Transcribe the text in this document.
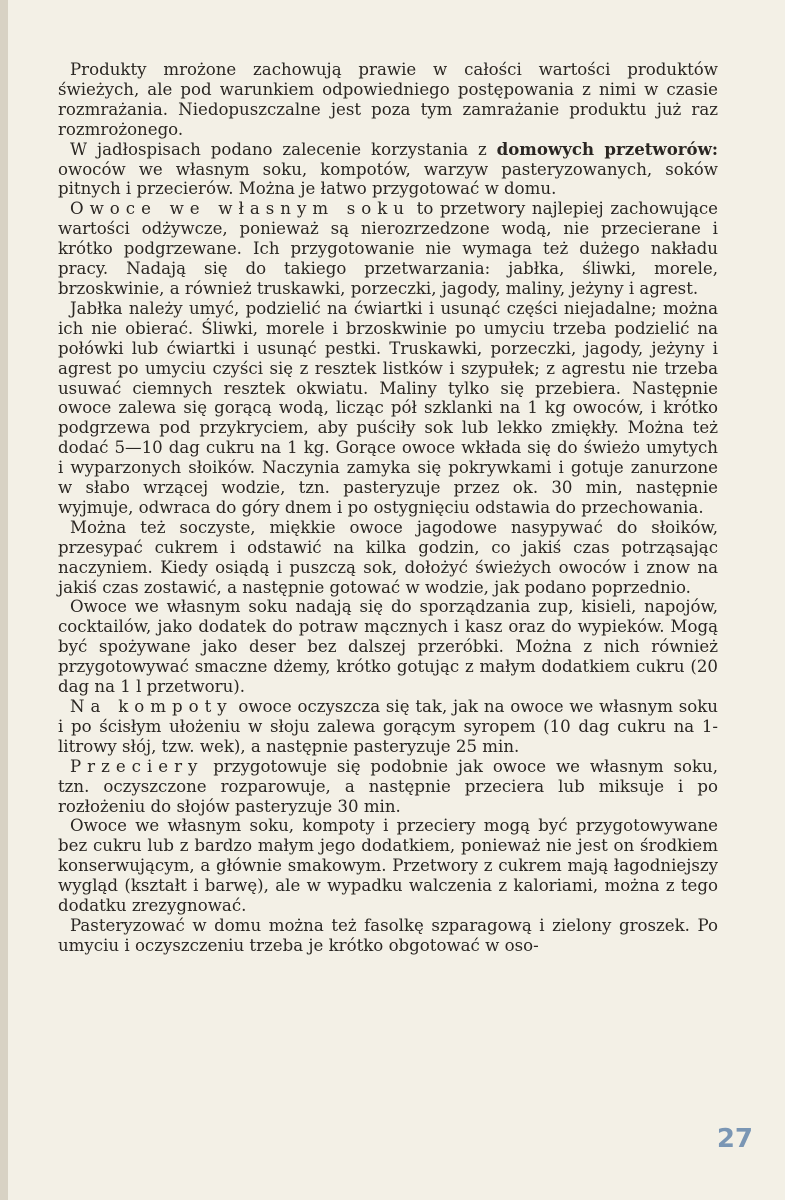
Produkty mrożone zachowują prawie w całości wartości produktów świeżych, ale pod warunkiem odpowiedniego postępowania z nimi w czasie rozmrażania. Niedopuszczalne jest poza tym zamrażanie produktu już raz rozmrożonego.

W jadłospisach podano zalecenie korzystania z domowych przetworów: owoców we własnym soku, kompotów, warzyw pasteryzowanych, soków pitnych i przecierów. Można je łatwo przygotować w domu.

Owoce we własnym soku to przetwory najlepiej zachowujące wartości odżywcze, ponieważ są nierozrzedzone wodą, nie przecierane i krótko podgrzewane. Ich przygotowanie nie wymaga też dużego nakładu pracy. Nadają się do takiego przetwarzania: jabłka, śliwki, morele, brzoskwinie, a również truskawki, porzeczki, jagody, maliny, jeżyny i agrest.

Jabłka należy umyć, podzielić na ćwiartki i usunąć części niejadalne; można ich nie obierać. Śliwki, morele i brzoskwinie po umyciu trzeba podzielić na połówki lub ćwiartki i usunąć pestki. Truskawki, porzeczki, jagody, jeżyny i agrest po umyciu czyści się z resztek listków i szypułek; z agrestu nie trzeba usuwać ciemnych resztek okwiatu. Maliny tylko się przebiera. Następnie owoce zalewa się gorącą wodą, licząc pół szklanki na 1 kg owoców, i krótko podgrzewa pod przykryciem, aby puściły sok lub lekko zmiękły. Można też dodać 5—10 dag cukru na 1 kg. Gorące owoce wkłada się do świeżo umytych i wyparzonych słoików. Naczynia zamyka się pokrywkami i gotuje zanurzone w słabo wrzącej wodzie, tzn. pasteryzuje przez ok. 30 min, następnie wyjmuje, odwraca do góry dnem i po ostygnięciu odstawia do przechowania.

Można też soczyste, miękkie owoce jagodowe nasypywać do słoików, przesypać cukrem i odstawić na kilka godzin, co jakiś czas potrząsając naczyniem. Kiedy osiądą i puszczą sok, dołożyć świeżych owoców i znow na jakiś czas zostawić, a następnie gotować w wodzie, jak podano poprzednio.

Owoce we własnym soku nadają się do sporządzania zup, kisieli, napojów, cocktailów, jako dodatek do potraw mącznych i kasz oraz do wypieków. Mogą być spożywane jako deser bez dalszej przeróbki. Można z nich również przygotowywać smaczne dżemy, krótko gotując z małym dodatkiem cukru (20 dag na 1 l przetworu).

Na kompoty owoce oczyszcza się tak, jak na owoce we własnym soku i po ścisłym ułożeniu w słoju zalewa gorącym syropem (10 dag cukru na 1-litrowy słój, tzw. wek), a następnie pasteryzuje 25 min.

Przeciery przygotowuje się podobnie jak owoce we własnym soku, tzn. oczyszczone rozparowuje, a następnie przeciera lub miksuje i po rozłożeniu do słojów pasteryzuje 30 min.

Owoce we własnym soku, kompoty i przeciery mogą być przygotowywane bez cukru lub z bardzo małym jego dodatkiem, ponieważ nie jest on środkiem konserwującym, a głównie smakowym. Przetwory z cukrem mają łagodniejszy wygląd (kształt i barwę), ale w wypadku walczenia z kaloriami, można z tego dodatku zrezygnować.

Pasteryzować w domu można też fasolkę szparagową i zielony groszek. Po umyciu i oczyszczeniu trzeba je krótko obgotować w oso-

27
